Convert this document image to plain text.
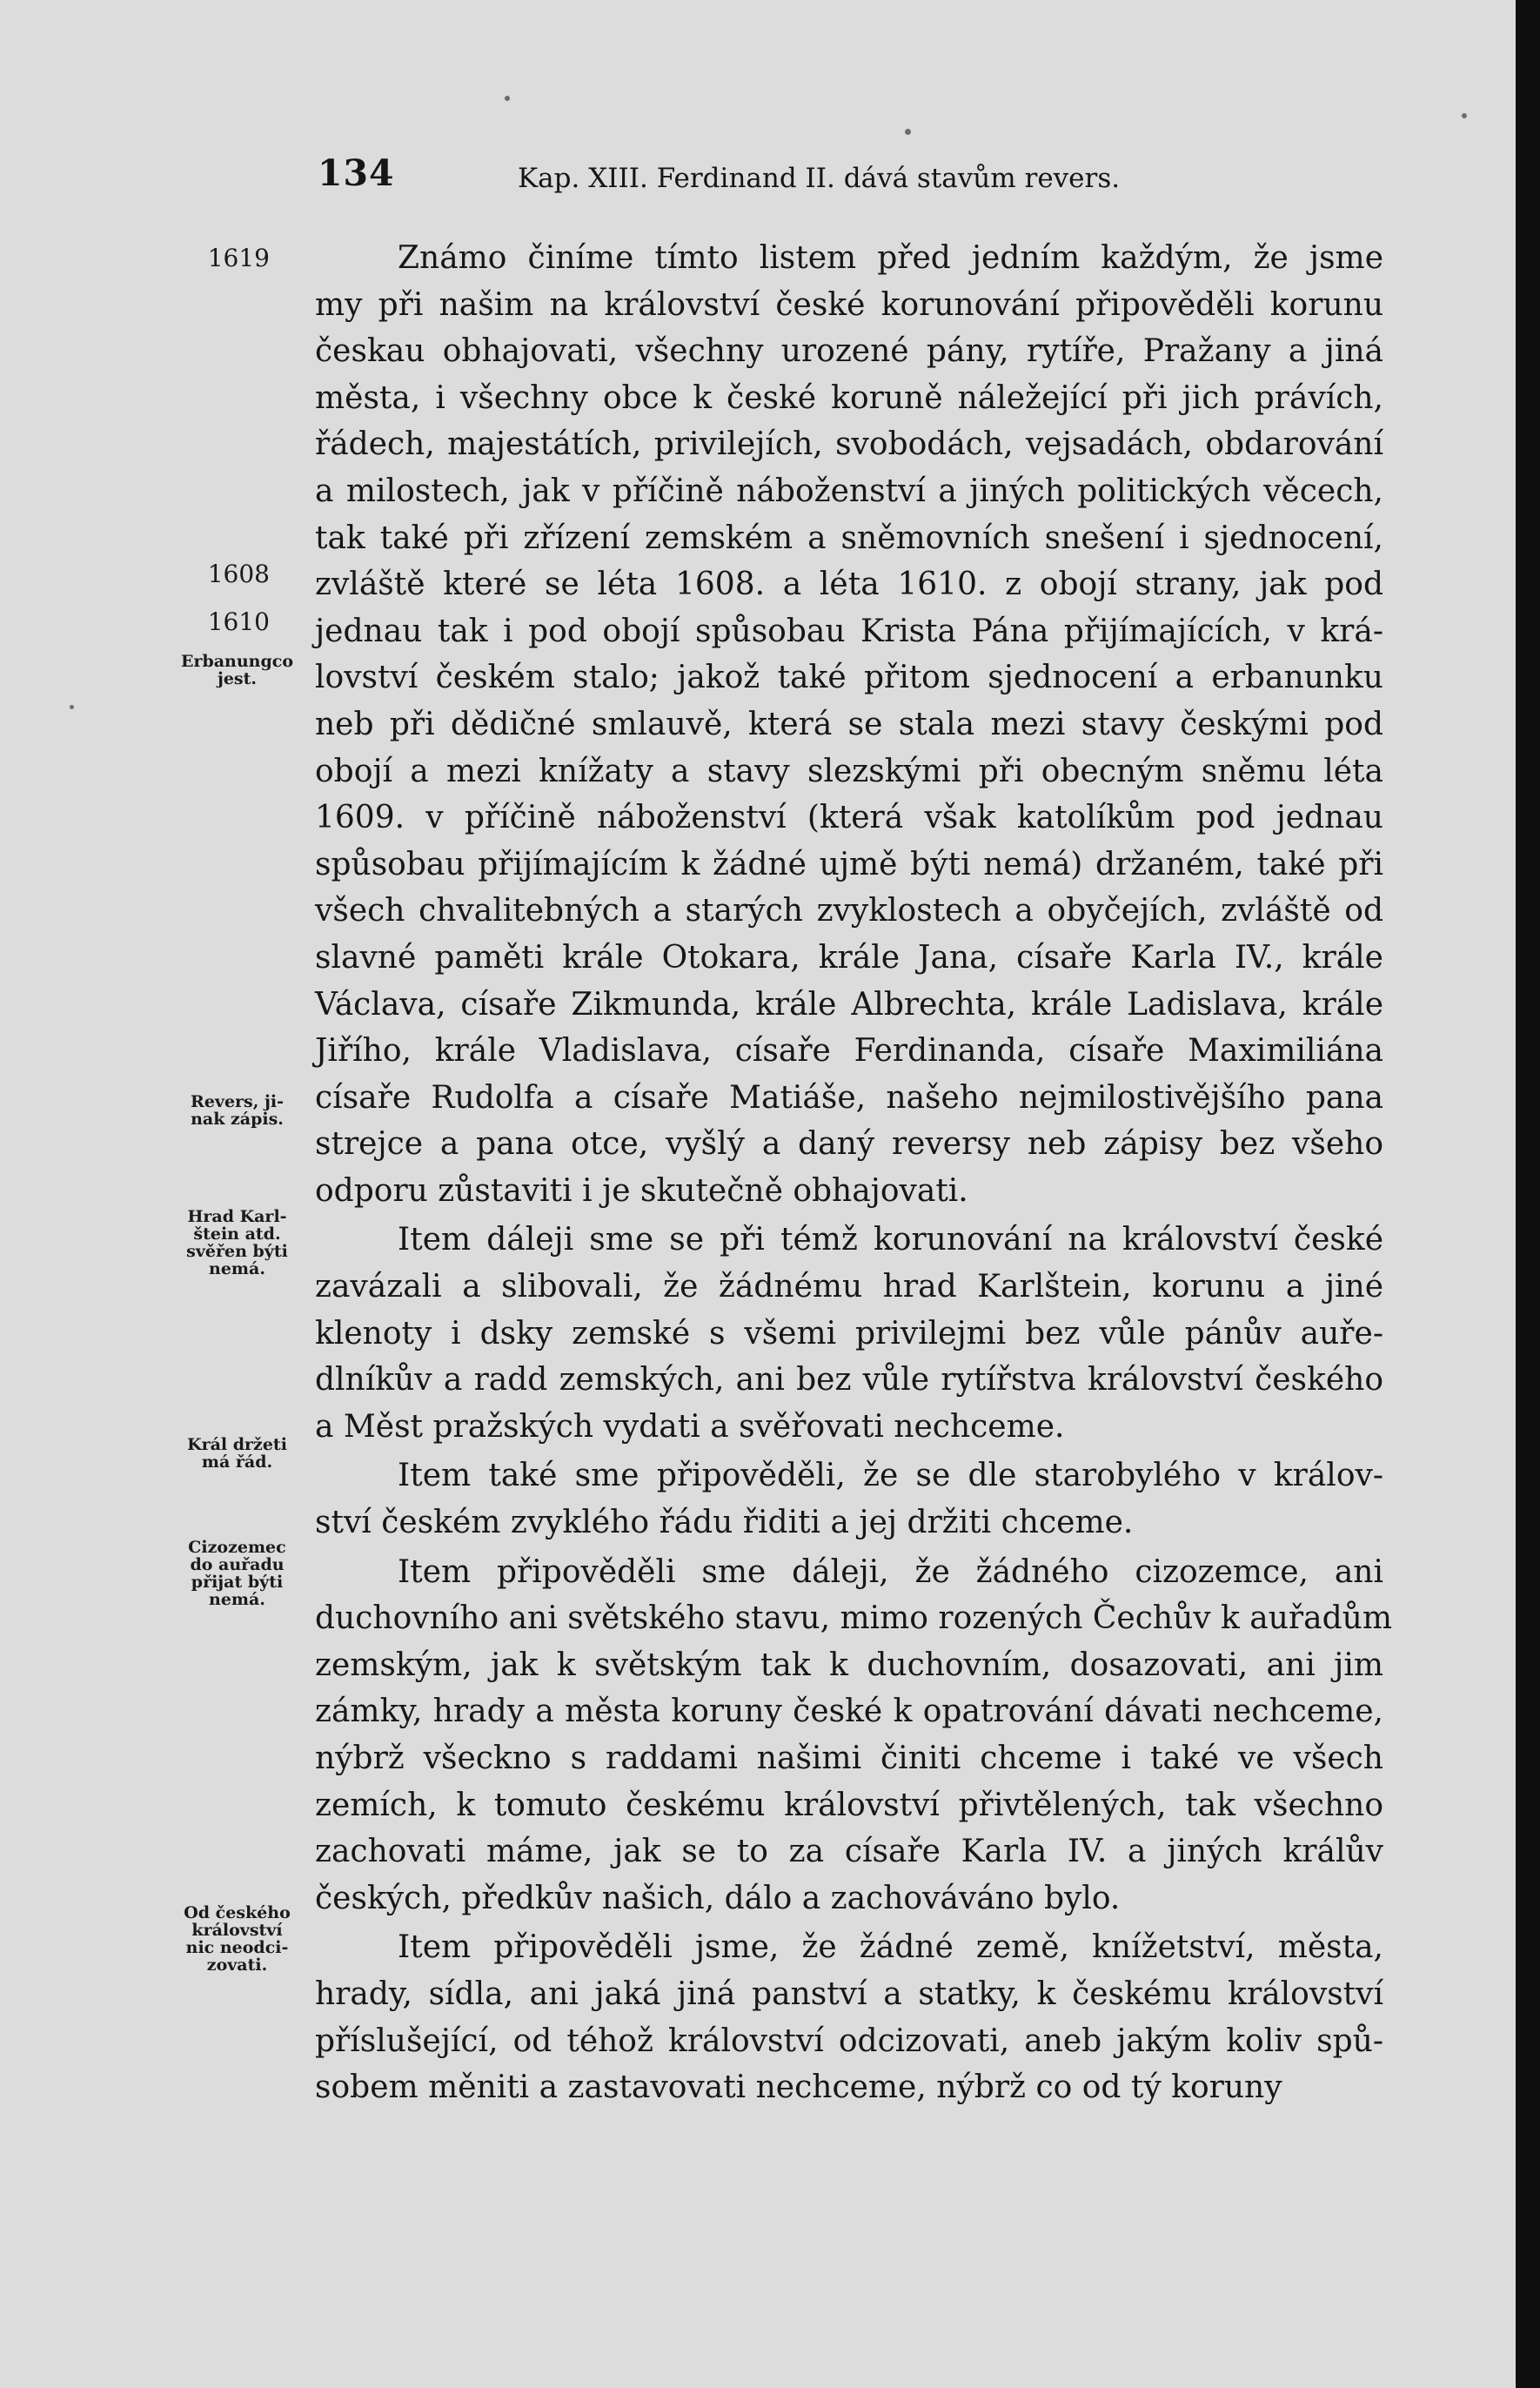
134	Kap. XIII. Ferdinand II. dává stavům revers.
1619
1608
1610
Erbanungco
jest.
Revers, ji-
nak zápis.
Hrad Karl-
štein atd.
svěřen býti
nemá.
Král držeti
má řád.
Cizozemec
do auřadu
přijat býti
nemá.
Od českého
království
nic neodci-
zovati.
Známo činíme tímto listem před jedním každým, že jsme
my při našim na království české korunování připověděli korunu
českau obhajovati, všechny urozené pány, rytíře, Pražany a jiná
města, i všechny obce k české koruně náležející při jich právích,
řádech, majestátích, privilejích, svobodách, vejsadách, obdarování
a milostech, jak v příčině náboženství a jiných politických věcech,
tak také při zřízení zemském a sněmovních snešení i sjednocení,
zvláště které se léta 1608. a léta 1610. z obojí strany, jak pod
jednau tak i pod obojí spůsobau Krista Pána přijímajících, v krá-
lovství českém stalo; jakož také přitom sjednocení a erbanunku
neb při dědičné smlauvě, která se stala mezi stavy českými pod
obojí a mezi knížaty a stavy slezskými při obecným sněmu léta
1609. v příčině náboženství (která však katolíkům pod jednau
spůsobau přijímajícím k žádné ujmě býti nemá) držaném, také při
všech chvalitebných a starých zvyklostech a obyčejích, zvláště od
slavné paměti krále Otokara, krále Jana, císaře Karla IV., krále
Václava, císaře Zikmunda, krále Albrechta, krále Ladislava, krále
Jiřího, krále Vladislava, císaře Ferdinanda, císaře Maximiliána
císaře Rudolfa a císaře Matiáše, našeho nejmilostivějšího pana
strejce a pana otce, vyšlý a daný reversy neb zápisy bez všeho
odporu zůstaviti i je skutečně obhajovati.
Item dáleji sme se při témž korunování na království české
zavázali a slibovali, že žádnému hrad Karlštein, korunu a jiné
klenoty i dsky zemské s všemi privilejmi bez vůle pánův auře-
dlníkův a radd zemských, ani bez vůle rytířstva království českého
a Měst pražských vydati a svěřovati nechceme.
Item také sme připověděli, že se dle starobylého v králov-
ství českém zvyklého řádu řiditi a jej držiti chceme.
Item připověděli sme dáleji, že žádného cizozemce, ani
duchovního ani světského stavu, mimo rozených Čechův k auřadům
zemským, jak k světským tak k duchovním, dosazovati, ani jim
zámky, hrady a města koruny české k opatrování dávati nechceme,
nýbrž všeckno s raddami našimi činiti chceme i také ve všech
zemích, k tomuto českému království přivtělených, tak všechno
zachovati máme, jak se to za císaře Karla IV. a jiných králův
českých, předkův našich, dálo a zachováváno bylo.
Item připověděli jsme, že žádné země, knížetství, města,
hrady, sídla, ani jaká jiná panství a statky, k českému království
příslušející, od téhož království odcizovati, aneb jakým koliv spů-
sobem měniti a zastavovati nechceme, nýbrž co od tý koruny
